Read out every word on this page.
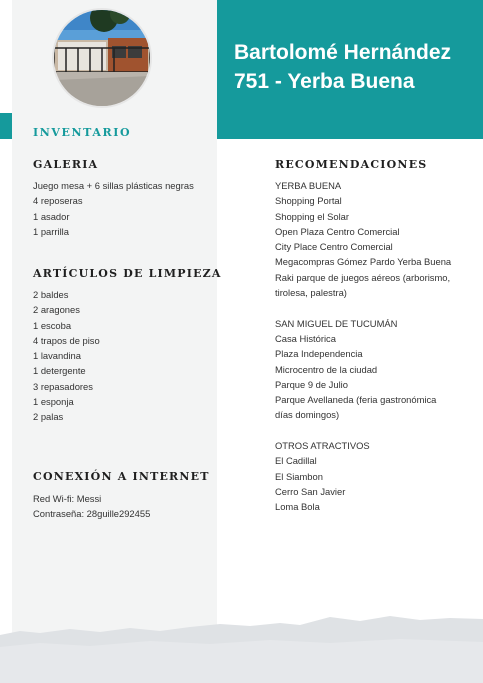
Bartolomé Hernández
751 - Yerba Buena
INVENTARIO
GALERIA
Juego mesa + 6 sillas plásticas negras
4 reposeras
1 asador
1 parrilla
ARTÍCULOS DE LIMPIEZA
2 baldes
2 aragones
1 escoba
4 trapos de piso
1 lavandina
1 detergente
3 repasadores
1 esponja
2 palas
CONEXIÓN A INTERNET
Red Wi-fi: Messi
Contraseña: 28guille292455
RECOMENDACIONES
YERBA BUENA
Shopping Portal
Shopping el Solar
Open Plaza Centro Comercial
City Place Centro Comercial
Megacompras Gómez Pardo Yerba Buena
Raki parque de juegos aéreos (arborismo, tirolesa, palestra)
SAN MIGUEL DE TUCUMÁN
Casa Histórica
Plaza Independencia
Microcentro de la ciudad
Parque 9 de Julio
Parque Avellaneda (feria gastronómica días domingos)
OTROS ATRACTIVOS
El Cadillal
El Siambon
Cerro San Javier
Loma Bola
